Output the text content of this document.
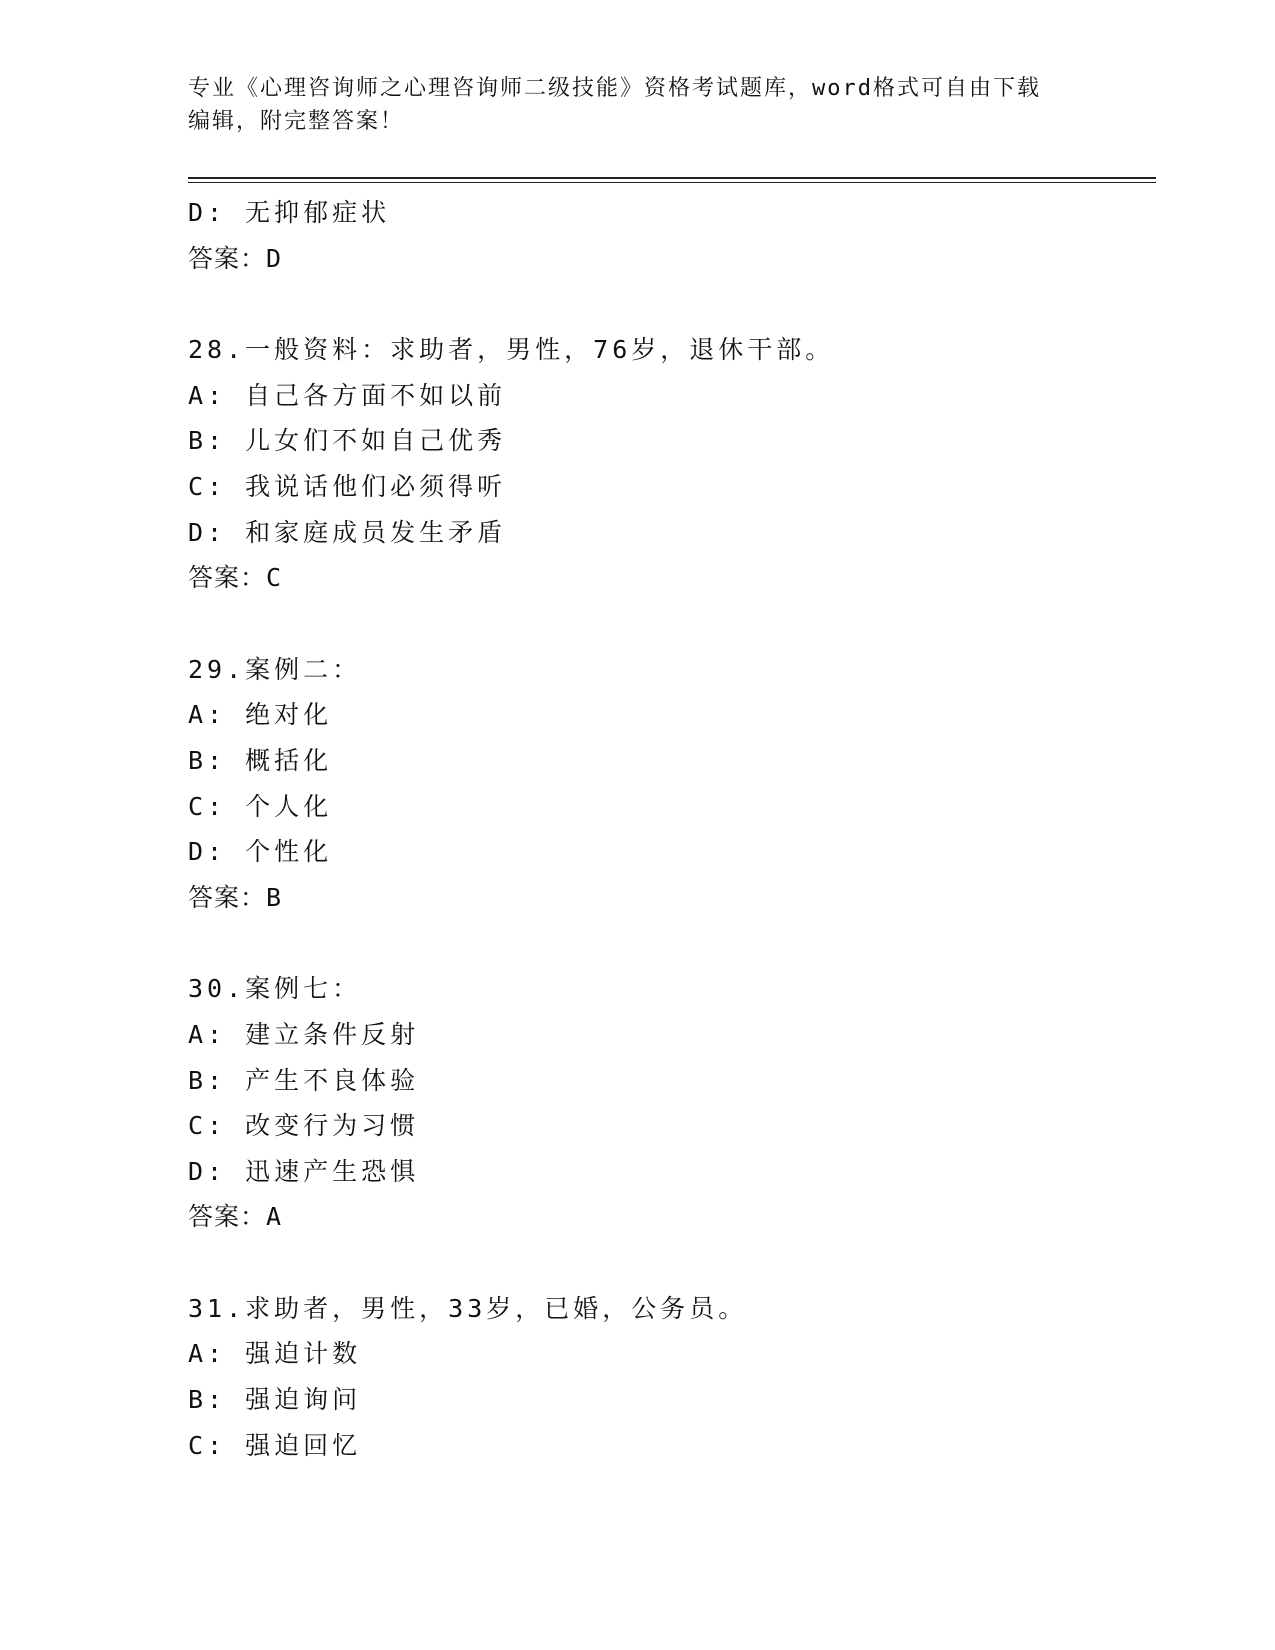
专业《心理咨询师之心理咨询师二级技能》资格考试题库，word格式可自由下载
编辑，附完整答案！
D: 无抑郁症状
答案：D
28.一般资料：求助者，男性，76岁，退休干部。
A: 自己各方面不如以前
B: 儿女们不如自己优秀
C: 我说话他们必须得听
D: 和家庭成员发生矛盾
答案：C
29.案例二：
A: 绝对化
B: 概括化
C: 个人化
D: 个性化
答案：B
30.案例七：
A: 建立条件反射
B: 产生不良体验
C: 改变行为习惯
D: 迅速产生恐惧
答案：A
31.求助者，男性，33岁，已婚，公务员。
A: 强迫计数
B: 强迫询问
C: 强迫回忆
